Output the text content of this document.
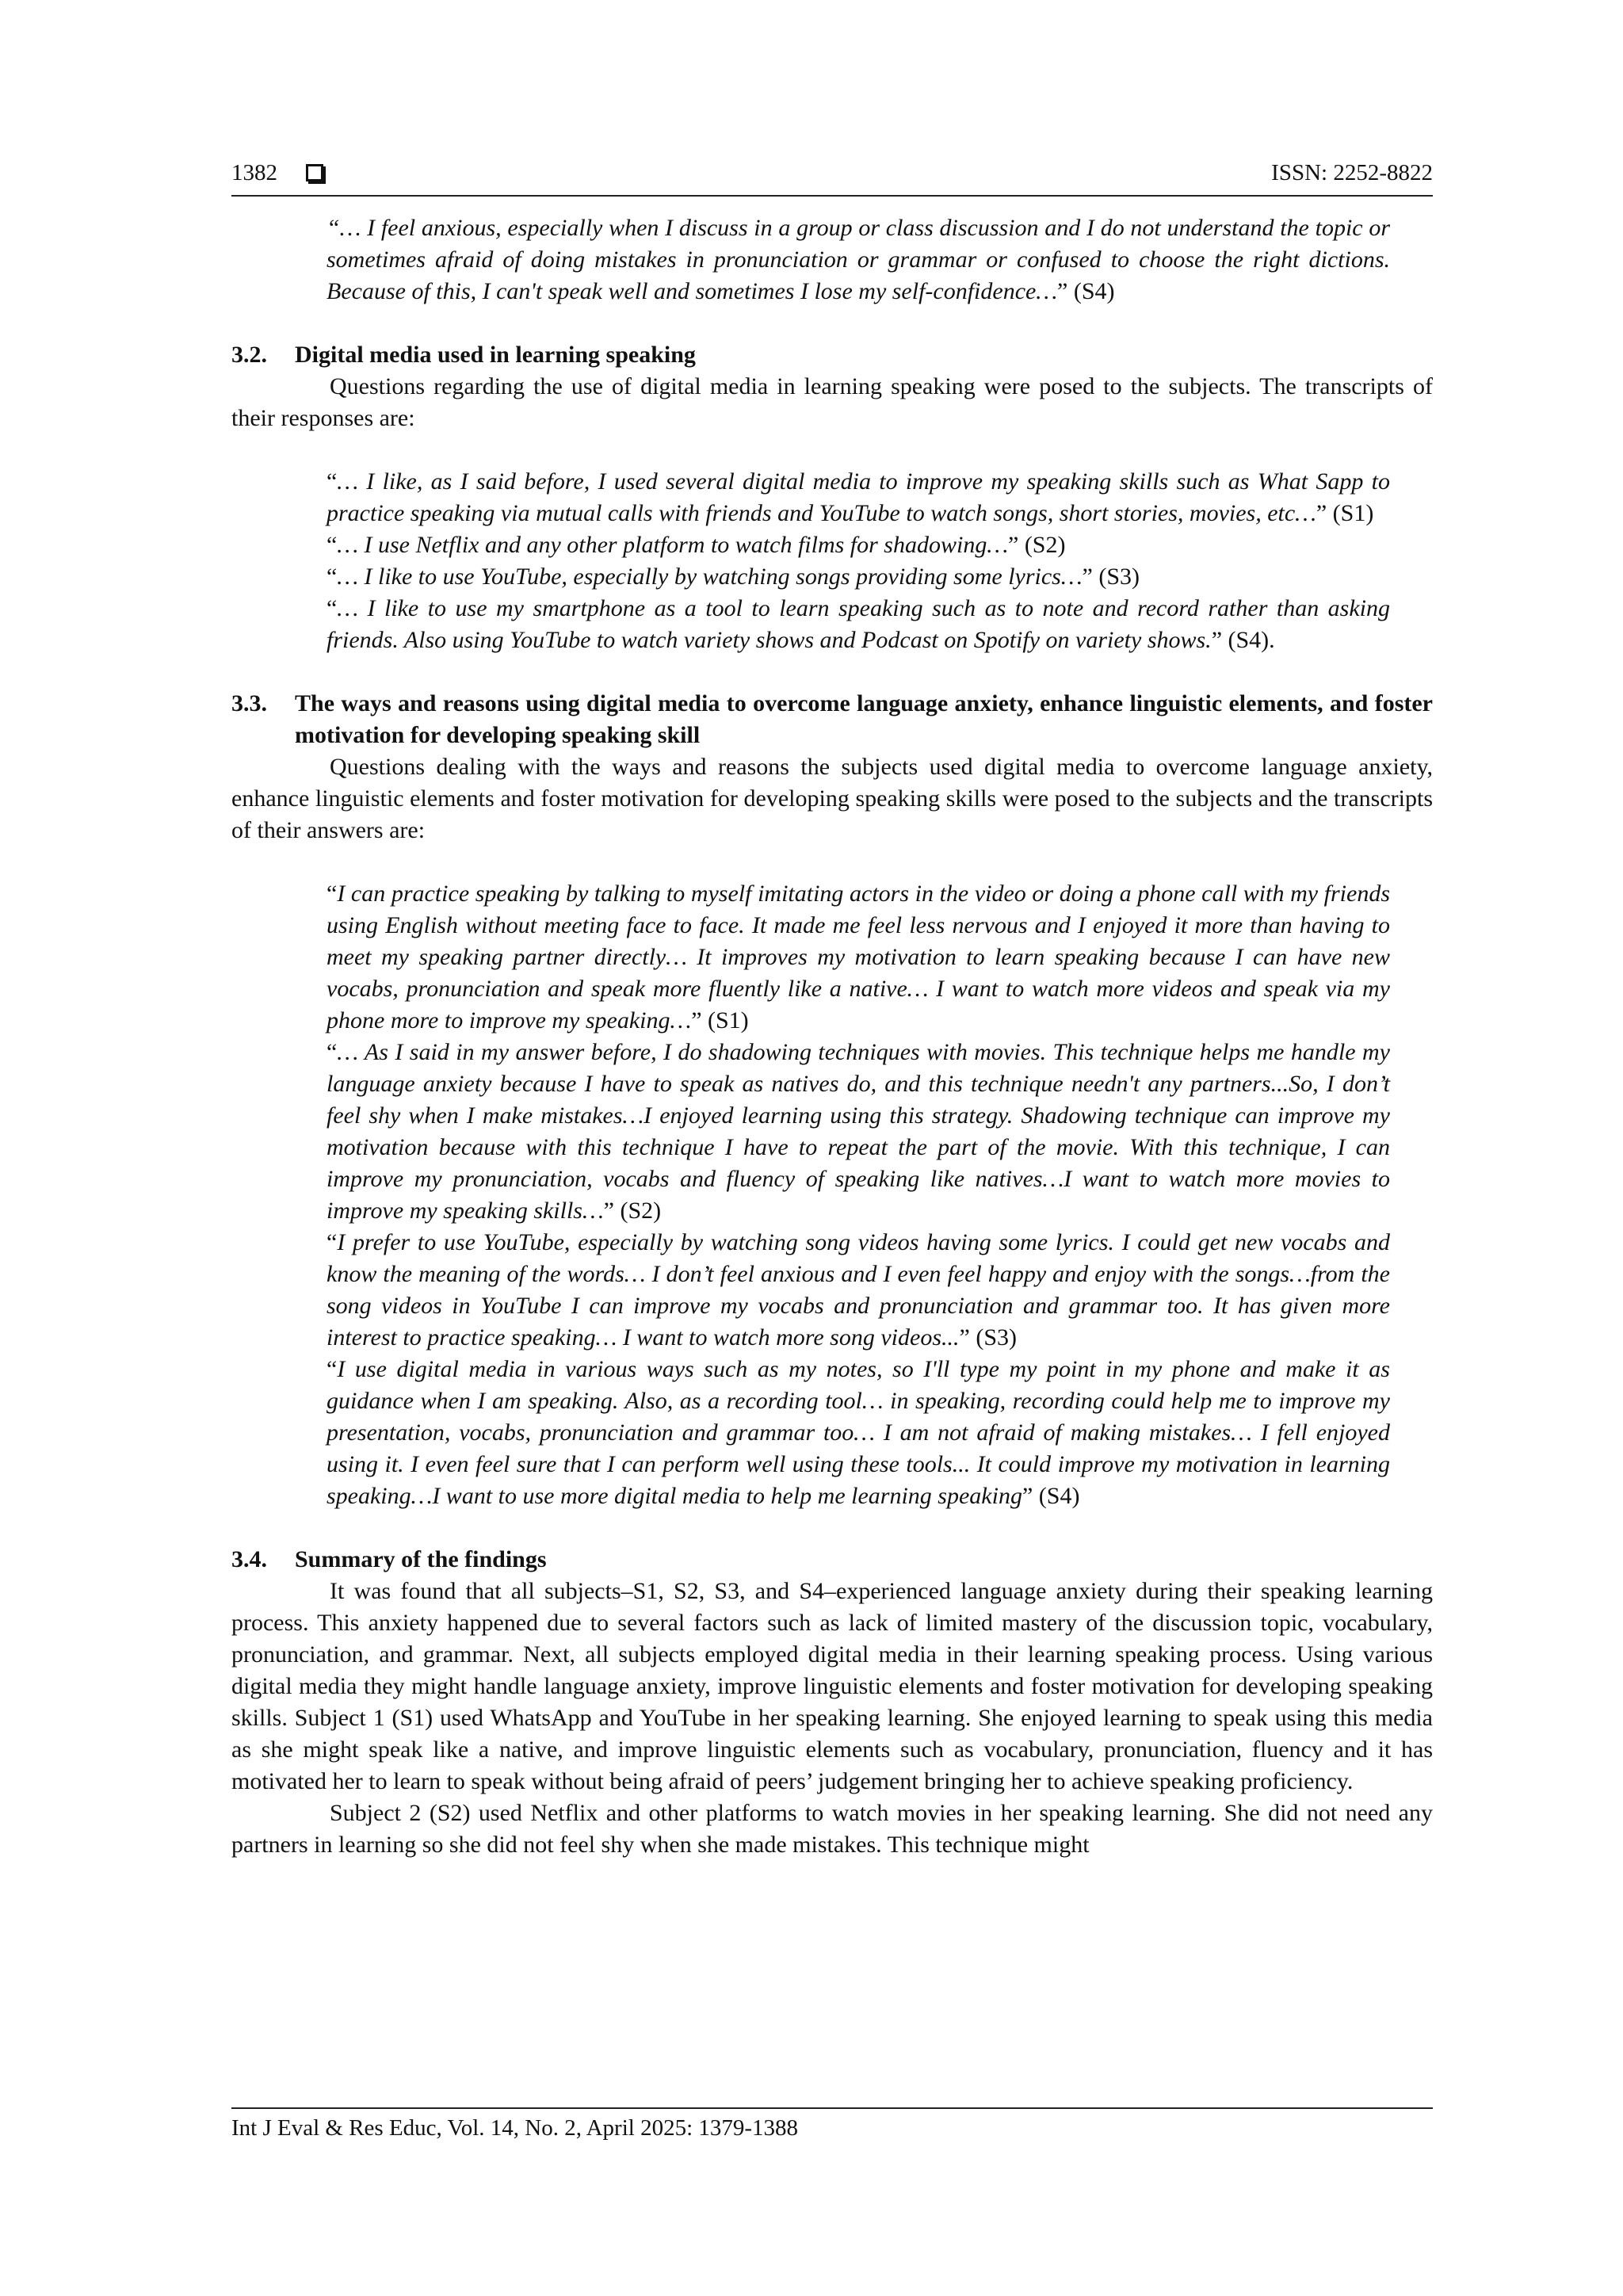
1382	ISSN: 2252-8822

“… I feel anxious, especially when I discuss in a group or class discussion and I do not understand the topic or sometimes afraid of doing mistakes in pronunciation or grammar or confused to choose the right dictions. Because of this, I can't speak well and sometimes I lose my self-confidence…” (S4)

3.2.	Digital media used in learning speaking

Questions regarding the use of digital media in learning speaking were posed to the subjects. The transcripts of their responses are:

“… I like, as I said before, I used several digital media to improve my speaking skills such as What Sapp to practice speaking via mutual calls with friends and YouTube to watch songs, short stories, movies, etc…” (S1)

“… I use Netflix and any other platform to watch films for shadowing…” (S2)

“… I like to use YouTube, especially by watching songs providing some lyrics…” (S3)

“… I like to use my smartphone as a tool to learn speaking such as to note and record rather than asking friends. Also using YouTube to watch variety shows and Podcast on Spotify on variety shows.” (S4).

3.3.	The ways and reasons using digital media to overcome language anxiety, enhance linguistic elements, and foster motivation for developing speaking skill

Questions dealing with the ways and reasons the subjects used digital media to overcome language anxiety, enhance linguistic elements and foster motivation for developing speaking skills were posed to the subjects and the transcripts of their answers are:

“I can practice speaking by talking to myself imitating actors in the video or doing a phone call with my friends using English without meeting face to face. It made me feel less nervous and I enjoyed it more than having to meet my speaking partner directly… It improves my motivation to learn speaking because I can have new vocabs, pronunciation and speak more fluently like a native… I want to watch more videos and speak via my phone more to improve my speaking…” (S1)

“… As I said in my answer before, I do shadowing techniques with movies. This technique helps me handle my language anxiety because I have to speak as natives do, and this technique needn't any partners...So, I don’t feel shy when I make mistakes…I enjoyed learning using this strategy. Shadowing technique can improve my motivation because with this technique I have to repeat the part of the movie. With this technique, I can improve my pronunciation, vocabs and fluency of speaking like natives…I want to watch more movies to improve my speaking skills…” (S2)

“I prefer to use YouTube, especially by watching song videos having some lyrics. I could get new vocabs and know the meaning of the words… I don’t feel anxious and I even feel happy and enjoy with the songs…from the song videos in YouTube I can improve my vocabs and pronunciation and grammar too. It has given more interest to practice speaking… I want to watch more song videos...” (S3)

“I use digital media in various ways such as my notes, so I'll type my point in my phone and make it as guidance when I am speaking. Also, as a recording tool… in speaking, recording could help me to improve my presentation, vocabs, pronunciation and grammar too… I am not afraid of making mistakes… I fell enjoyed using it. I even feel sure that I can perform well using these tools... It could improve my motivation in learning speaking…I want to use more digital media to help me learning speaking” (S4)

3.4.	Summary of the findings

It was found that all subjects–S1, S2, S3, and S4–experienced language anxiety during their speaking learning process. This anxiety happened due to several factors such as lack of limited mastery of the discussion topic, vocabulary, pronunciation, and grammar. Next, all subjects employed digital media in their learning speaking process. Using various digital media they might handle language anxiety, improve linguistic elements and foster motivation for developing speaking skills. Subject 1 (S1) used WhatsApp and YouTube in her speaking learning. She enjoyed learning to speak using this media as she might speak like a native, and improve linguistic elements such as vocabulary, pronunciation, fluency and it has motivated her to learn to speak without being afraid of peers’ judgement bringing her to achieve speaking proficiency.

Subject 2 (S2) used Netflix and other platforms to watch movies in her speaking learning. She did not need any partners in learning so she did not feel shy when she made mistakes. This technique might

Int J Eval & Res Educ, Vol. 14, No. 2, April 2025: 1379-1388
